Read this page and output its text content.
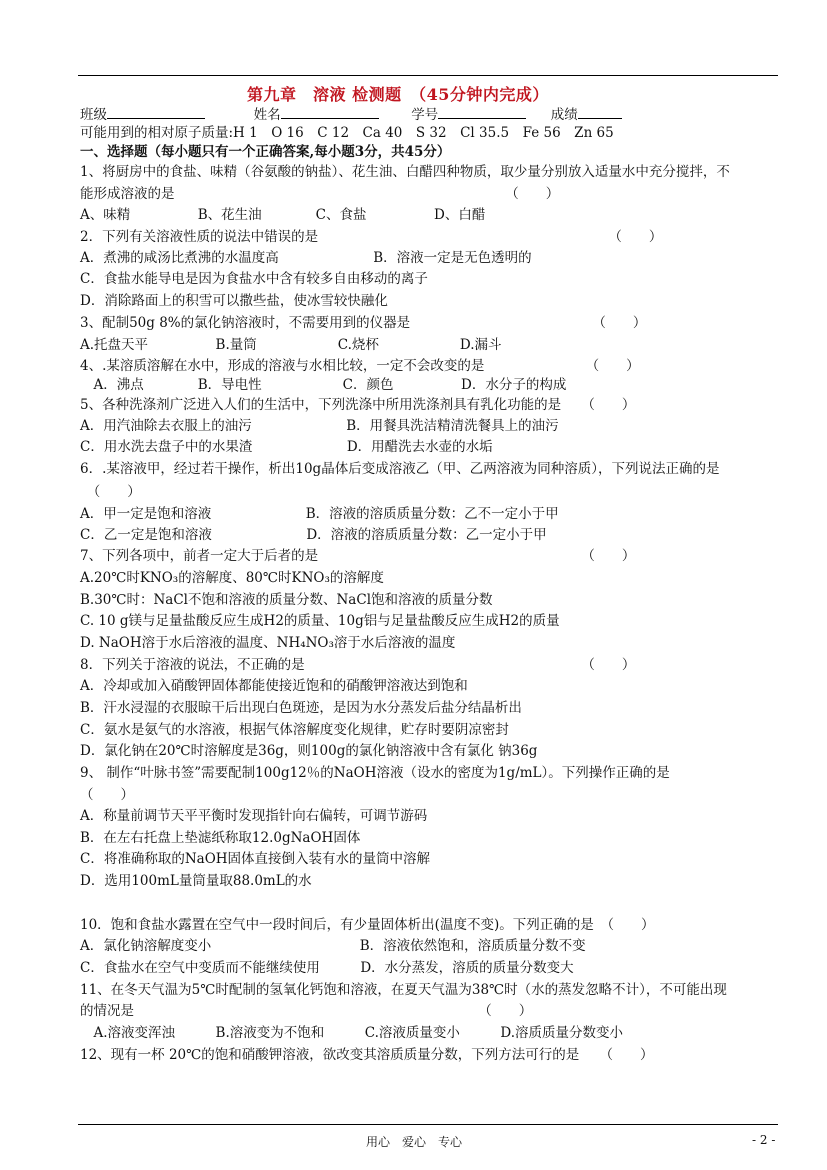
第九章　溶液 检测题　（45分钟内完成）
班级	姓名	学号	成绩
可能用到的相对原子质量:H 1　O 16　C 12　Ca 40　S 32　Cl 35.5　Fe 56　Zn 65
一、选择题（每小题只有一个正确答案,每小题3分，共45分）
1、将厨房中的食盐、味精（谷氨酸的钠盐）、花生油、白醋四种物质，取少量分别放入适量水中充分搅拌，不
能形成溶液的是　　　　　　　　　　　　　　　　　　　　　　　　　（　　）
A、味精　　　　　B、花生油　　　　C、食盐　　　　　D、白醋
2．下列有关溶液性质的说法中错误的是　　　　　　　　　　　　　　　　　　　　　　（　　）
A．煮沸的咸汤比煮沸的水温度高　　　　　　　B．溶液一定是无色透明的
C．食盐水能导电是因为食盐水中含有较多自由移动的离子
D．消除路面上的积雪可以撒些盐，使冰雪较快融化
3、配制50g 8%的氯化钠溶液时，不需要用到的仪器是　　　　　　　　　　　　　　（　　）
A.托盘天平　　　　　B.量筒　　　　　　C.烧杯　　　　　　D.漏斗
4、.某溶质溶解在水中，形成的溶液与水相比较，一定不会改变的是　　　　　　　　（　　）
　A．沸点　　　　B．导电性　　　　　　C．颜色　　　　　D．水分子的构成
5、各种洗涤剂广泛进入人们的生活中，下列洗涤中所用洗涤剂具有乳化功能的是　　（　　）
A．用汽油除去衣服上的油污　　　　　　　B．用餐具洗洁精清洗餐具上的油污
C．用水洗去盘子中的水果渣　　　　　　　D．用醋洗去水壶的水垢
6．.某溶液甲，经过若干操作，析出10g晶体后变成溶液乙（甲、乙两溶液为同种溶质），下列说法正确的是
　（　　）
A．甲一定是饱和溶液　　　　　　　B．溶液的溶质质量分数：乙不一定小于甲
C．乙一定是饱和溶液　　　　　　　D．溶液的溶质质量分数：乙一定小于甲
7、下列各项中，前者一定大于后者的是　　　　　　　　　　　　　　　　　　　　（　　）
A.20℃时KNO₃的溶解度、80℃时KNO₃的溶解度
B.30℃时：NaCl不饱和溶液的质量分数、NaCl饱和溶液的质量分数
C. 10 g镁与足量盐酸反应生成H2的质量、10g铝与足量盐酸反应生成H2的质量
D. NaOH溶于水后溶液的温度、NH₄NO₃溶于水后溶液的温度
8．下列关于溶液的说法，不正确的是　　　　　　　　　　　　　　　　　　　　　（　　）
A．冷却或加入硝酸钾固体都能使接近饱和的硝酸钾溶液达到饱和
B．汗水浸湿的衣服晾干后出现白色斑迹，是因为水分蒸发后盐分结晶析出
C．氨水是氨气的水溶液，根据气体溶解度变化规律，贮存时要阴凉密封
D．氯化钠在20℃时溶解度是36g，则100g的氯化钠溶液中含有氯化 钠36g
9、 制作“叶脉书签”需要配制100g12％的NaOH溶液（设水的密度为1g/mL）。下列操作正确的是
（　　）
A．称量前调节天平平衡时发现指针向右偏转，可调节游码
B．在左右托盘上垫滤纸称取12.0gNaOH固体
C．将准确称取的NaOH固体直接倒入装有水的量筒中溶解
D．选用100mL量筒量取88.0mL的水
10．饱和食盐水露置在空气中一段时间后，有少量固体析出(温度不变)。下列正确的是　（　　）
A．氯化钠溶解度变小　　　　　　　　　　　B．溶液依然饱和，溶质质量分数不变
C．食盐水在空气中变质而不能继续使用　　　D．水分蒸发，溶质的质量分数变大
11、在冬天气温为5℃时配制的氢氧化钙饱和溶液，在夏天气温为38℃时（水的蒸发忽略不计），不可能出现
的情况是　　　　　　　　　　　　　　　　　　　　　　　　　　（　　）
　A.溶液变浑浊　　　B.溶液变为不饱和　　　C.溶液质量变小　　　D.溶质质量分数变小
12、现有一杯 20℃的饱和硝酸钾溶液，欲改变其溶质质量分数，下列方法可行的是　　（　　）
用心　爱心　专心	- 2 -
